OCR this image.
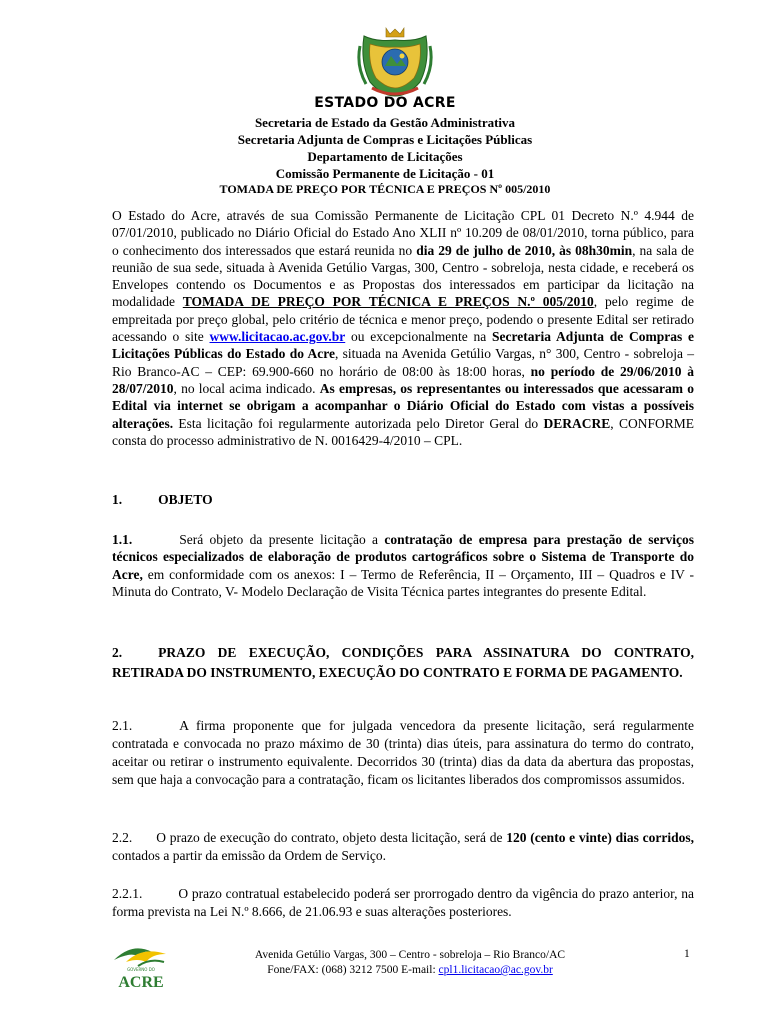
ESTADO DO ACRE
Secretaria de Estado da Gestão Administrativa
Secretaria Adjunta de Compras e Licitações Públicas
Departamento de Licitações
Comissão Permanente de Licitação - 01
TOMADA DE PREÇO POR TÉCNICA E PREÇOS Nº 005/2010
O Estado do Acre, através de sua Comissão Permanente de Licitação CPL 01 Decreto N.º 4.944 de 07/01/2010, publicado no Diário Oficial do Estado Ano XLII nº 10.209 de 08/01/2010, torna público, para o conhecimento dos interessados que estará reunida no dia 29 de julho de 2010, às 08h30min, na sala de reunião de sua sede, situada à Avenida Getúlio Vargas, 300, Centro - sobreloja, nesta cidade, e receberá os Envelopes contendo os Documentos e as Propostas dos interessados em participar da licitação na modalidade TOMADA DE PREÇO POR TÉCNICA E PREÇOS N.º 005/2010, pelo regime de empreitada por preço global, pelo critério de técnica e menor preço, podendo o presente Edital ser retirado acessando o site www.licitacao.ac.gov.br ou excepcionalmente na Secretaria Adjunta de Compras e Licitações Públicas do Estado do Acre, situada na Avenida Getúlio Vargas, n° 300, Centro - sobreloja – Rio Branco-AC – CEP: 69.900-660 no horário de 08:00 às 18:00 horas, no período de 29/06/2010 à 28/07/2010, no local acima indicado. As empresas, os representantes ou interessados que acessaram o Edital via internet se obrigam a acompanhar o Diário Oficial do Estado com vistas a possíveis alterações. Esta licitação foi regularmente autorizada pelo Diretor Geral do DERACRE, CONFORME consta do processo administrativo de N. 0016429-4/2010 – CPL.
1.	OBJETO
1.1.	Será objeto da presente licitação a contratação de empresa para prestação de serviços técnicos especializados de elaboração de produtos cartográficos sobre o Sistema de Transporte do Acre, em conformidade com os anexos: I – Termo de Referência, II – Orçamento, III – Quadros e IV - Minuta do Contrato, V- Modelo Declaração de Visita Técnica partes integrantes do presente Edital.
2.	PRAZO DE EXECUÇÃO, CONDIÇÕES PARA ASSINATURA DO CONTRATO, RETIRADA DO INSTRUMENTO, EXECUÇÃO DO CONTRATO E FORMA DE PAGAMENTO.
2.1.	A firma proponente que for julgada vencedora da presente licitação, será regularmente contratada e convocada no prazo máximo de 30 (trinta) dias úteis, para assinatura do termo do contrato, aceitar ou retirar o instrumento equivalente. Decorridos 30 (trinta) dias da data da abertura das propostas, sem que haja a convocação para a contratação, ficam os licitantes liberados dos compromissos assumidos.
2.2. O prazo de execução do contrato, objeto desta licitação, será de 120 (cento e vinte) dias corridos, contados a partir da emissão da Ordem de Serviço.
2.2.1.	O prazo contratual estabelecido poderá ser prorrogado dentro da vigência do prazo anterior, na forma prevista na Lei N.º 8.666, de 21.06.93 e suas alterações posteriores.
GOVERNO DO
ACRE
Avenida Getúlio Vargas, 300 – Centro - sobreloja – Rio Branco/AC
Fone/FAX: (068) 3212 7500 E-mail: cpl1.licitacao@ac.gov.br
1
